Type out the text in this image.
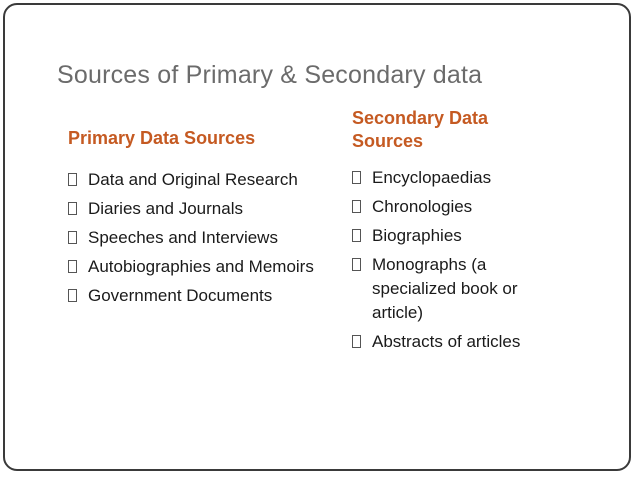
Sources of Primary & Secondary data
Primary Data Sources
Secondary Data Sources
Data and Original Research
Diaries and Journals
Speeches and Interviews
Autobiographies and Memoirs
Government Documents
Encyclopaedias
Chronologies
Biographies
Monographs (a specialized book or article)
Abstracts of articles
